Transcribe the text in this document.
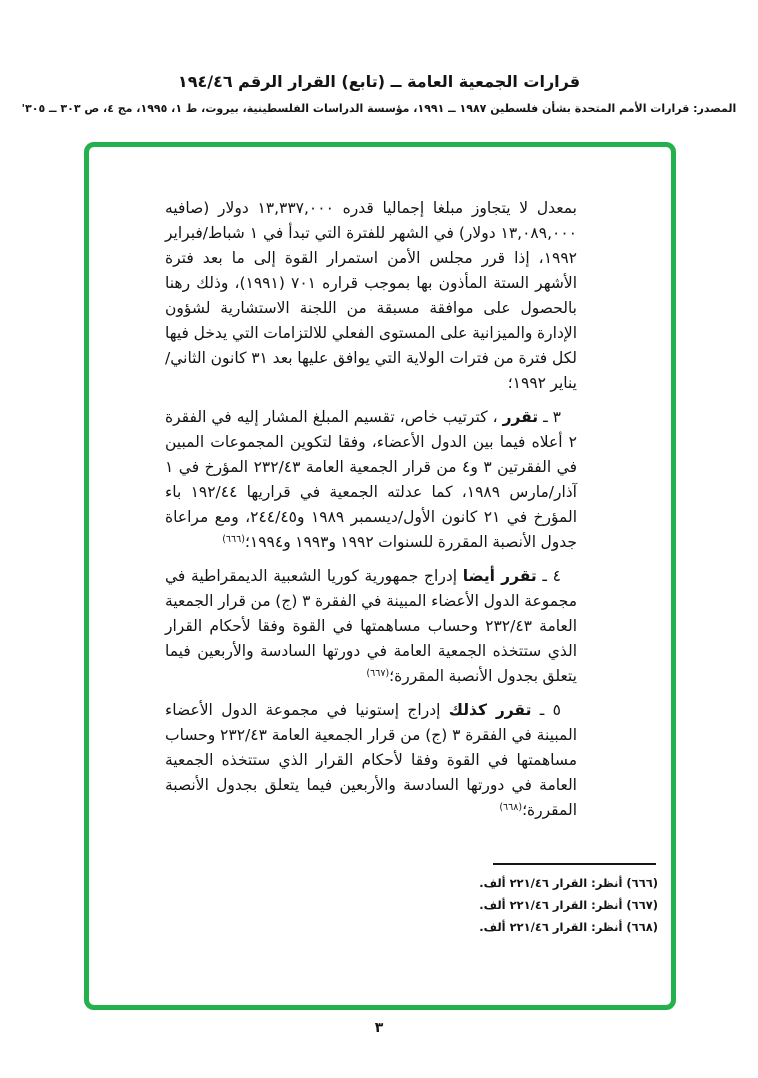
قرارات الجمعية العامة ــ (تابع) القرار الرقم ١٩٤/٤٦
المصدر: قرارات الأمم المتحدة بشأن فلسطين ١٩٨٧ ــ ١٩٩١، مؤسسة الدراسات الفلسطينية، بيروت، ط ١، ١٩٩٥، مج ٤، ص ٣٠٣ ــ ٣٠٥'

بمعدل لا يتجاوز مبلغا إجماليا قدره ١٣,٣٣٧,٠٠٠ دولار (صافيه ١٣,٠٨٩,٠٠٠ دولار) في الشهر للفترة التي تبدأ في ١ شباط/فبراير ١٩٩٢، إذا قرر مجلس الأمن استمرار القوة إلى ما بعد فترة الأشهر الستة المأذون بها بموجب قراره ٧٠١ (١٩٩١)، وذلك رهنا بالحصول على موافقة مسبقة من اللجنة الاستشارية لشؤون الإدارة والميزانية على المستوى الفعلي للالتزامات التي يدخل فيها لكل فترة من فترات الولاية التي يوافق عليها بعد ٣١ كانون الثاني/يناير ١٩٩٢؛

٣ ـ تقرر ، كترتيب خاص، تقسيم المبلغ المشار إليه في الفقرة ٢ أعلاه فيما بين الدول الأعضاء، وفقا لتكوين المجموعات المبين في الفقرتين ٣ و٤ من قرار الجمعية العامة ٢٣٢/٤٣ المؤرخ في ١ آذار/مارس ١٩٨٩، كما عدلته الجمعية في قراريها ١٩٢/٤٤ باء المؤرخ في ٢١ كانون الأول/ديسمبر ١٩٨٩ و٢٤٤/٤٥، ومع مراعاة جدول الأنصبة المقررة للسنوات ١٩٩٢ و١٩٩٣ و١٩٩٤؛$^{(٦٦٦)}$

٤ ـ تقرر أيضا إدراج جمهورية كوريا الشعبية الديمقراطية في مجموعة الدول الأعضاء المبينة في الفقرة ٣ (ج) من قرار الجمعية العامة ٢٣٢/٤٣ وحساب مساهمتها في القوة وفقا لأحكام القرار الذي ستتخذه الجمعية العامة في دورتها السادسة والأربعين فيما يتعلق بجدول الأنصبة المقررة؛$^{(٦٦٧)}$

٥ ـ تقرر كذلك إدراج إستونيا في مجموعة الدول الأعضاء المبينة في الفقرة ٣ (ج) من قرار الجمعية العامة ٢٣٢/٤٣ وحساب مساهمتها في القوة وفقا لأحكام القرار الذي ستتخذه الجمعية العامة في دورتها السادسة والأربعين فيما يتعلق بجدول الأنصبة المقررة؛$^{(٦٦٨)}$

(٦٦٦) أنظر: القرار ٢٢١/٤٦ ألف.
(٦٦٧) أنظر: القرار ٢٢١/٤٦ ألف.
(٦٦٨) أنظر: القرار ٢٢١/٤٦ ألف.
٣
